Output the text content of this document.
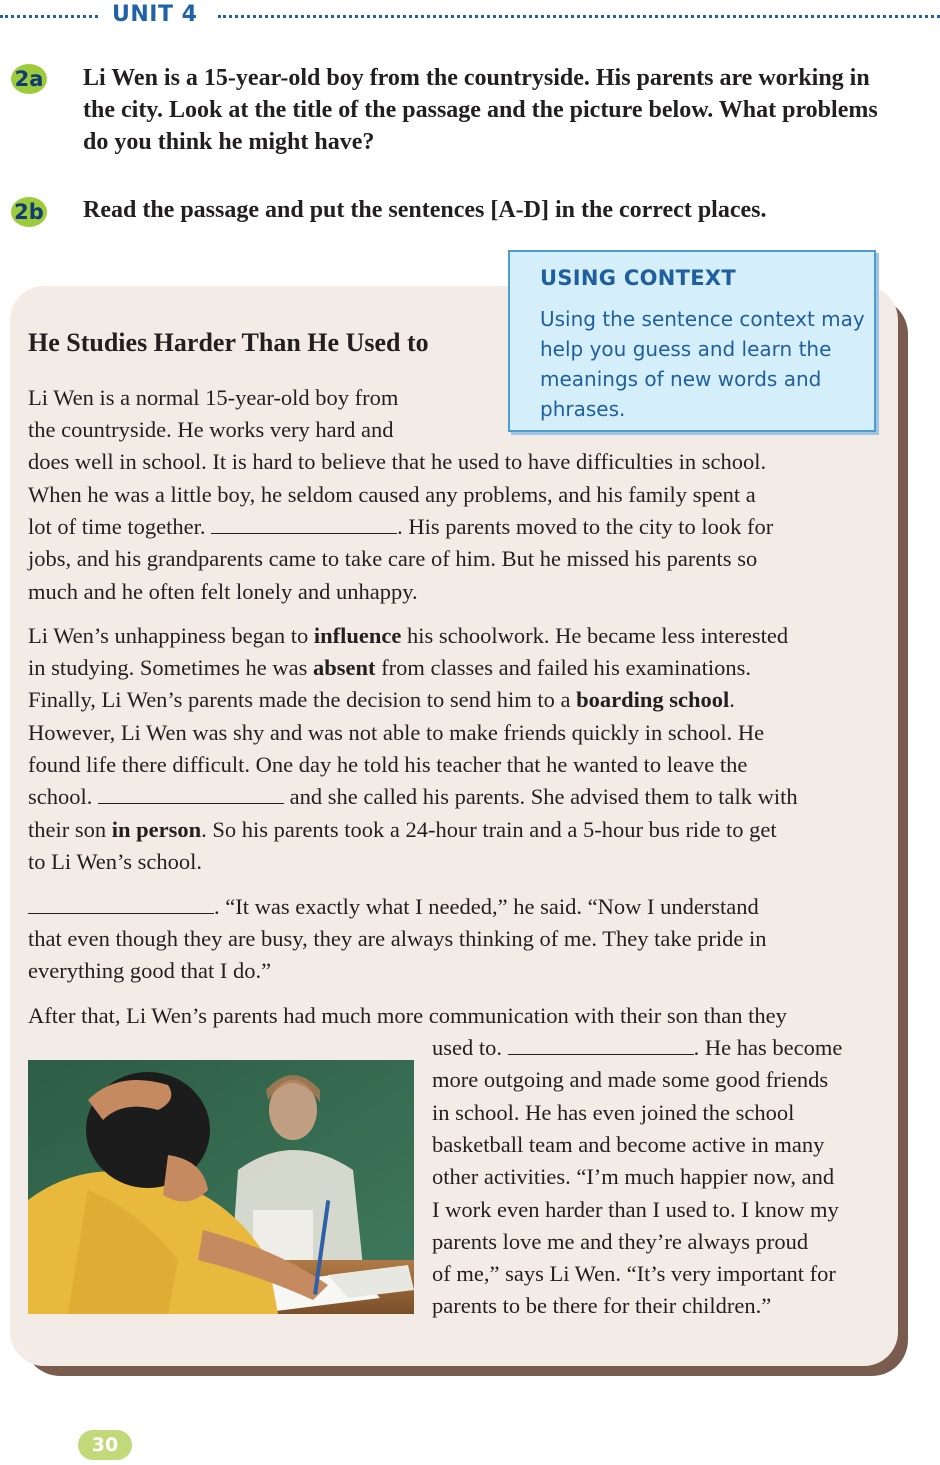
UNIT 4
2a Li Wen is a 15-year-old boy from the countryside. His parents are working in the city. Look at the title of the passage and the picture below. What problems do you think he might have?
2b Read the passage and put the sentences [A-D] in the correct places.
USING CONTEXT
Using the sentence context may help you guess and learn the meanings of new words and phrases.
He Studies Harder Than He Used to
Li Wen is a normal 15-year-old boy from
the countryside. He works very hard and
does well in school. It is hard to believe that he used to have difficulties in school.
When he was a little boy, he seldom caused any problems, and his family spent a
lot of time together.	. His parents moved to the city to look for
jobs, and his grandparents came to take care of him. But he missed his parents so
much and he often felt lonely and unhappy.
Li Wen’s unhappiness began to influence his schoolwork. He became less interested
in studying. Sometimes he was absent from classes and failed his examinations.
Finally, Li Wen’s parents made the decision to send him to a boarding school.
However, Li Wen was shy and was not able to make friends quickly in school. He
found life there difficult. One day he told his teacher that he wanted to leave the
school.	and she called his parents. She advised them to talk with
their son in person. So his parents took a 24-hour train and a 5-hour bus ride to get
to Li Wen’s school.
. “It was exactly what I needed,” he said. “Now I understand
that even though they are busy, they are always thinking of me. They take pride in
everything good that I do.”
After that, Li Wen’s parents had much more communication with their son than they
used to.	. He has become
more outgoing and made some good friends
in school. He has even joined the school
basketball team and become active in many
other activities. “I’m much happier now, and
I work even harder than I used to. I know my
parents love me and they’re always proud
of me,” says Li Wen. “It’s very important for
parents to be there for their children.”
30
